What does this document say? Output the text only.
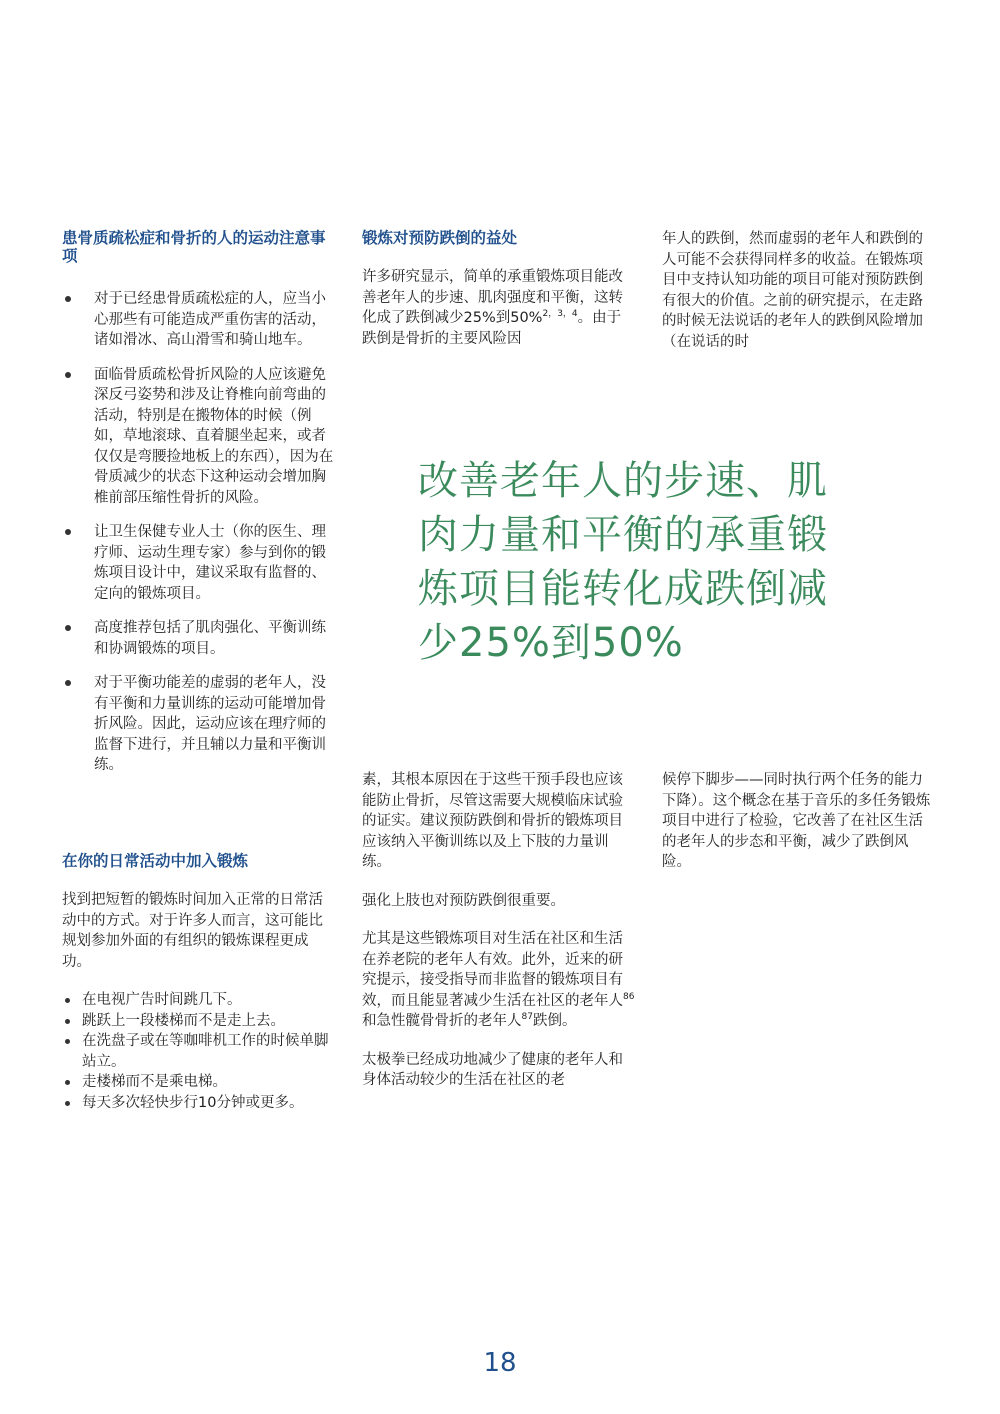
患骨质疏松症和骨折的人的运动注意事项
对于已经患骨质疏松症的人，应当小心那些有可能造成严重伤害的活动，诸如滑冰、高山滑雪和骑山地车。
面临骨质疏松骨折风险的人应该避免深反弓姿势和涉及让脊椎向前弯曲的活动，特别是在搬物体的时候（例如，草地滚球、直着腿坐起来，或者仅仅是弯腰捡地板上的东西），因为在骨质减少的状态下这种运动会增加胸椎前部压缩性骨折的风险。
让卫生保健专业人士（你的医生、理疗师、运动生理专家）参与到你的锻炼项目设计中，建议采取有监督的、定向的锻炼项目。
高度推荐包括了肌肉强化、平衡训练和协调锻炼的项目。
对于平衡功能差的虚弱的老年人，没有平衡和力量训练的运动可能增加骨折风险。因此，运动应该在理疗师的监督下进行，并且辅以力量和平衡训练。
在你的日常活动中加入锻炼

找到把短暂的锻炼时间加入正常的日常活动中的方式。对于许多人而言，这可能比规划参加外面的有组织的锻炼课程更成功。

在电视广告时间跳几下。
跳跃上一段楼梯而不是走上去。
在洗盘子或在等咖啡机工作的时候单脚站立。
走楼梯而不是乘电梯。
每天多次轻快步行10分钟或更多。
锻炼对预防跌倒的益处

许多研究显示，简单的承重锻炼项目能改善老年人的步速、肌肉强度和平衡，这转化成了跌倒减少25%到50%$^{2,3,4}$。由于跌倒是骨折的主要风险因

年人的跌倒，然而虚弱的老年人和跌倒的人可能不会获得同样多的收益。在锻炼项目中支持认知功能的项目可能对预防跌倒有很大的价值。之前的研究提示，在走路的时候无法说话的老年人的跌倒风险增加（在说话的时

改善老年人的步速、肌
肉力量和平衡的承重锻
炼项目能转化成跌倒减
少25%到50%

素，其根本原因在于这些干预手段也应该能防止骨折，尽管这需要大规模临床试验的证实。建议预防跌倒和骨折的锻炼项目应该纳入平衡训练以及上下肢的力量训练。

强化上肢也对预防跌倒很重要。

尤其是这些锻炼项目对生活在社区和生活在养老院的老年人有效。此外，近来的研究提示，接受指导而非监督的锻炼项目有效，而且能显著减少生活在社区的老年人$^{86}$和急性髋骨骨折的老年人$^{87}$跌倒。

太极拳已经成功地减少了健康的老年人和身体活动较少的生活在社区的老

候停下脚步——同时执行两个任务的能力下降）。这个概念在基于音乐的多任务锻炼项目中进行了检验，它改善了在社区生活的老年人的步态和平衡，减少了跌倒风险。

18
